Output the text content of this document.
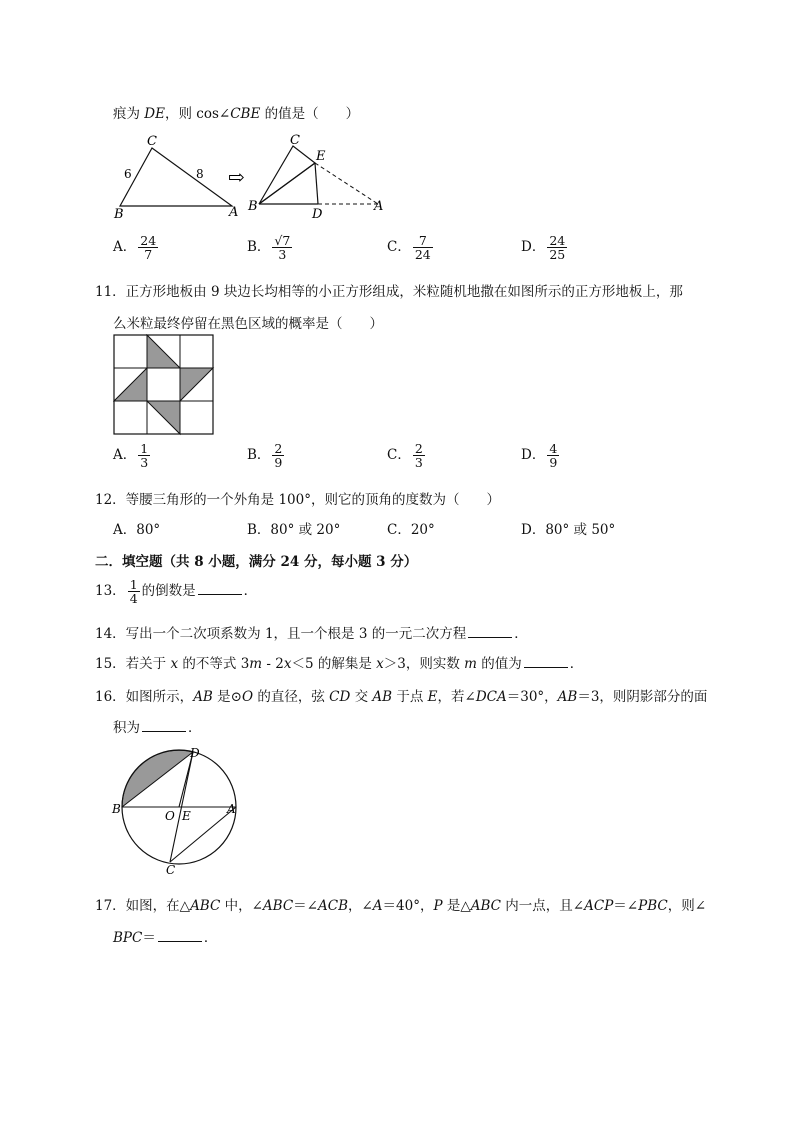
痕为 DE，则 cos∠CBE 的值是（　　）
C
B	A
6	8 ⇨
C
E
B
D
A
A． $\frac{24}{7}$	B． $\frac{√7}{3}$	C． $\frac{7}{24}$	D． $\frac{24}{25}$
11．正方形地板由 9 块边长均相等的小正方形组成，米粒随机地撒在如图所示的正方形地板上，那
么米粒最终停留在黑色区域的概率是（　　）
A． $\frac{1}{3}$	B． $\frac{2}{9}$	C． $\frac{2}{3}$	D． $\frac{4}{9}$
12．等腰三角形的一个外角是 100°，则它的顶角的度数为（　　）
A．80°	B．80° 或 20°	C．20°	D．80° 或 50°
二．填空题（共 8 小题，满分 24 分，每小题 3 分）
13． $\frac{1}{4}$ 的倒数是	．
14．写出一个二次项系数为 1，且一个根是 3 的一元二次方程	．
15．若关于 x 的不等式 3m - 2x＜5 的解集是 x＞3，则实数 m 的值为	．
16．如图所示，AB 是⊙O 的直径，弦 CD 交 AB 于点 E，若∠DCA＝30°，AB＝3，则阴影部分的面
积为	．
D
B	O E	A
C
17．如图，在△ABC 中，∠ABC＝∠ACB，∠A＝40°，P 是△ABC 内一点，且∠ACP＝∠PBC，则∠
BPC＝	．
